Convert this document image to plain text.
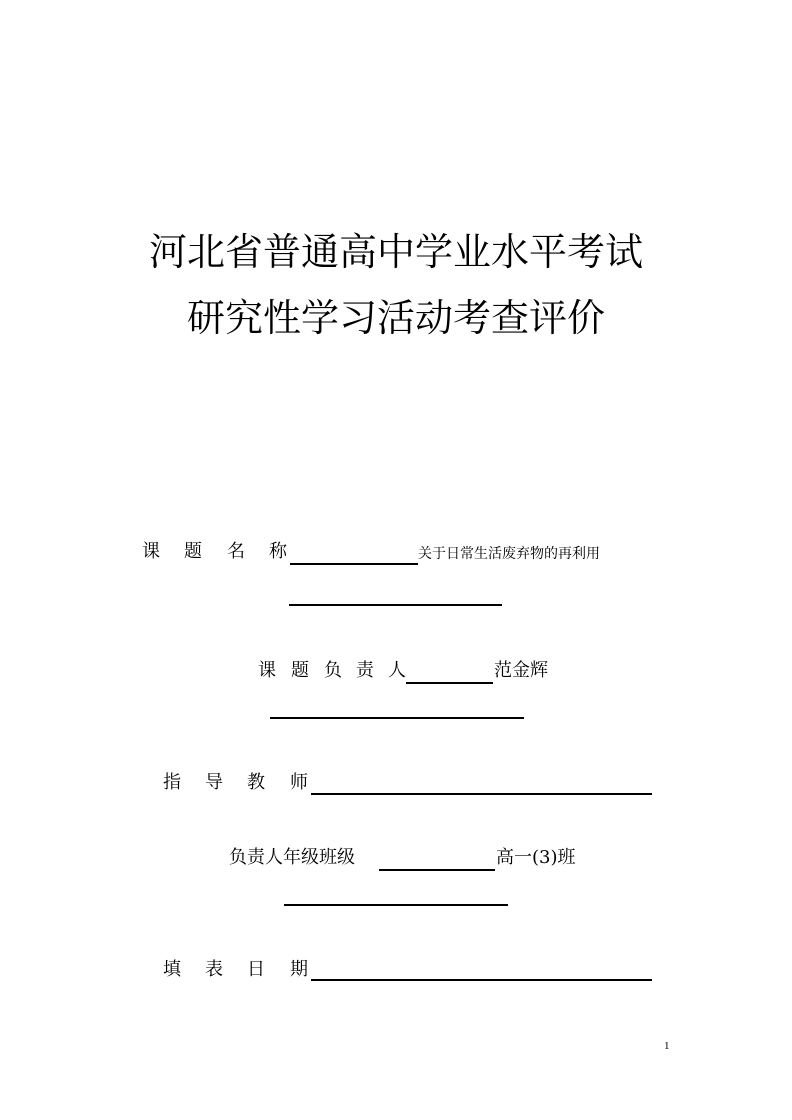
河北省普通高中学业水平考试
研究性学习活动考查评价
课 题 名 称	关于日常生活废弃物的再利用
课 题 负 责 人	范金辉
指 导 教 师
负责人年级班级	高一(3)班
填 表 日 期
1
